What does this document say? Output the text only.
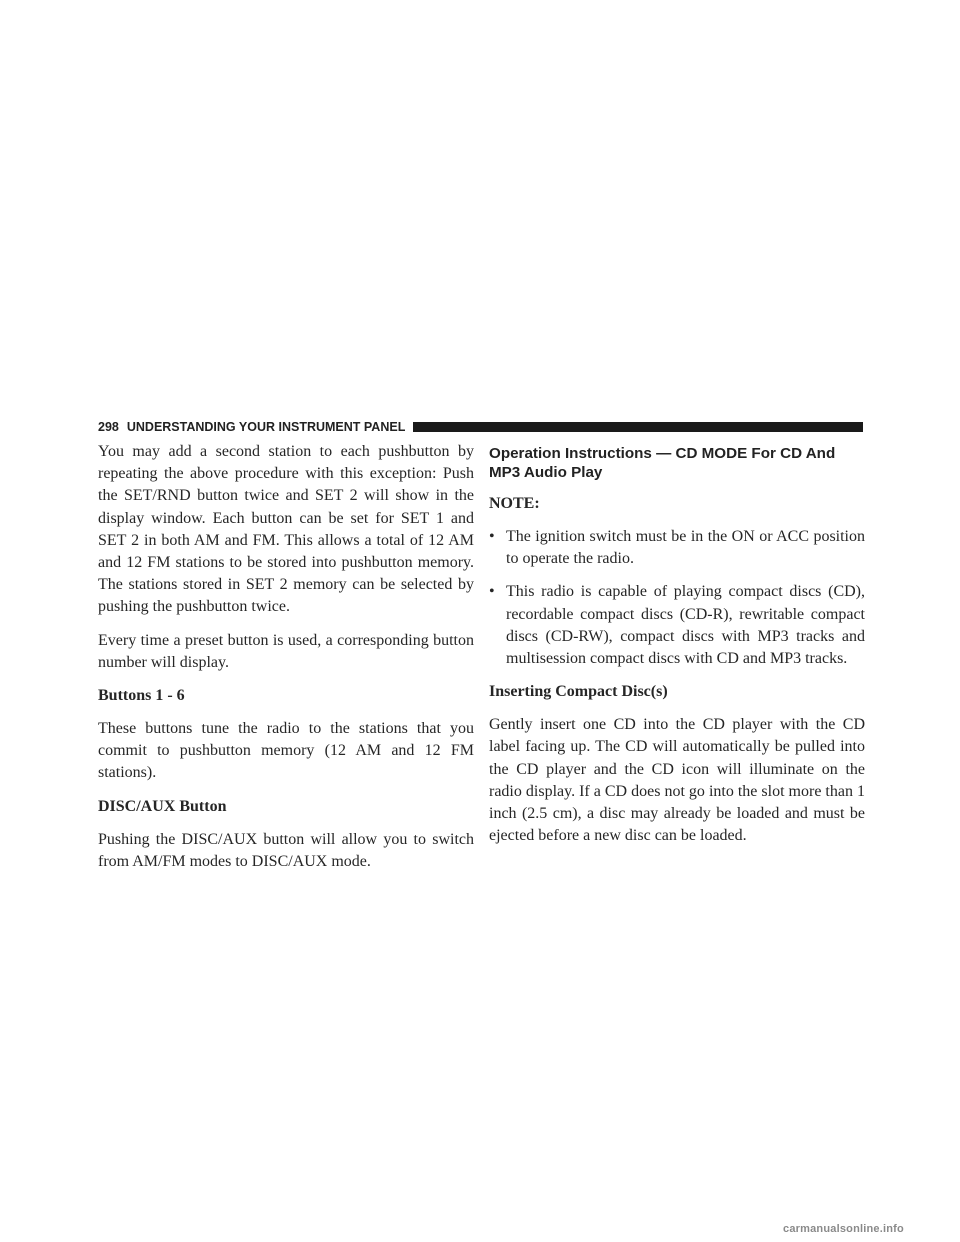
298 UNDERSTANDING YOUR INSTRUMENT PANEL

You may add a second station to each pushbutton by repeating the above procedure with this exception: Push the SET/RND button twice and SET 2 will show in the display window. Each button can be set for SET 1 and SET 2 in both AM and FM. This allows a total of 12 AM and 12 FM stations to be stored into pushbutton memory. The stations stored in SET 2 memory can be selected by pushing the pushbutton twice.

Every time a preset button is used, a corresponding button number will display.

Buttons 1 - 6

These buttons tune the radio to the stations that you commit to pushbutton memory (12 AM and 12 FM stations).

DISC/AUX Button

Pushing the DISC/AUX button will allow you to switch from AM/FM modes to DISC/AUX mode.

Operation Instructions — CD MODE For CD And MP3 Audio Play
NOTE:
• The ignition switch must be in the ON or ACC position to operate the radio.
• This radio is capable of playing compact discs (CD), recordable compact discs (CD-R), rewritable compact discs (CD-RW), compact discs with MP3 tracks and multisession compact discs with CD and MP3 tracks.
Inserting Compact Disc(s)

Gently insert one CD into the CD player with the CD label facing up. The CD will automatically be pulled into the CD player and the CD icon will illuminate on the radio display. If a CD does not go into the slot more than 1 inch (2.5 cm), a disc may already be loaded and must be ejected before a new disc can be loaded.

carmanualsonline.info
